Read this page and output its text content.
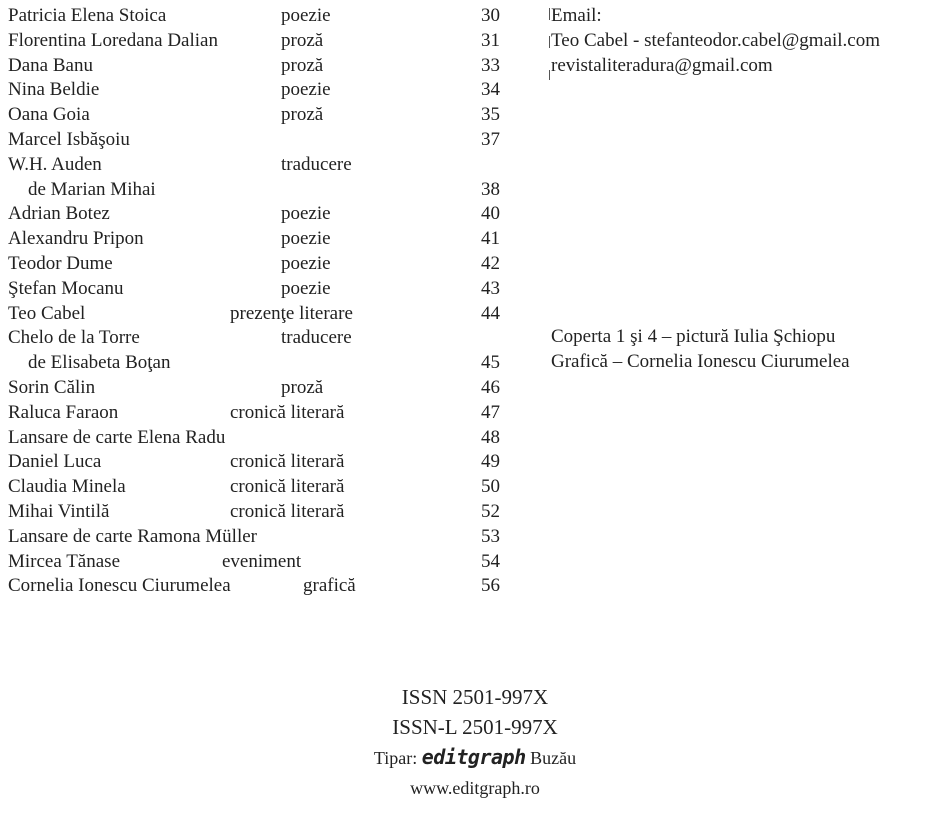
Patricia Elena Stoica	poezie	30
Florentina Loredana Dalian	proză	31
Dana Banu	proză	33
Nina Beldie	poezie	34
Oana Goia	proză	35
Marcel Isbăşoiu	37
W.H. Auden	traducere
de Marian Mihai	38
Adrian Botez	poezie	40
Alexandru Pripon	poezie	41
Teodor Dume	poezie	42
Ştefan Mocanu	poezie	43
Teo Cabel	prezenţe literare	44
Chelo de la Torre	traducere
de Elisabeta Boţan	45
Sorin Călin	proză	46
Raluca Faraon	cronică literară	47
Lansare de carte Elena Radu	48
Daniel Luca	cronică literară	49
Claudia Minela	cronică literară	50
Mihai Vintilă	cronică literară	52
Lansare de carte Ramona Müller	53
Mircea Tănase	eveniment	54
Cornelia Ionescu Ciurumelea	grafică	56
Email:
Teo Cabel - stefanteodor.cabel@gmail.com
revistaliteradura@gmail.com
Coperta 1 şi 4 – pictură Iulia Şchiopu
Grafică – Cornelia Ionescu Ciurumelea
ISSN 2501-997X
ISSN-L 2501-997X
Tipar: editgraph Buzău
www.editgraph.ro
